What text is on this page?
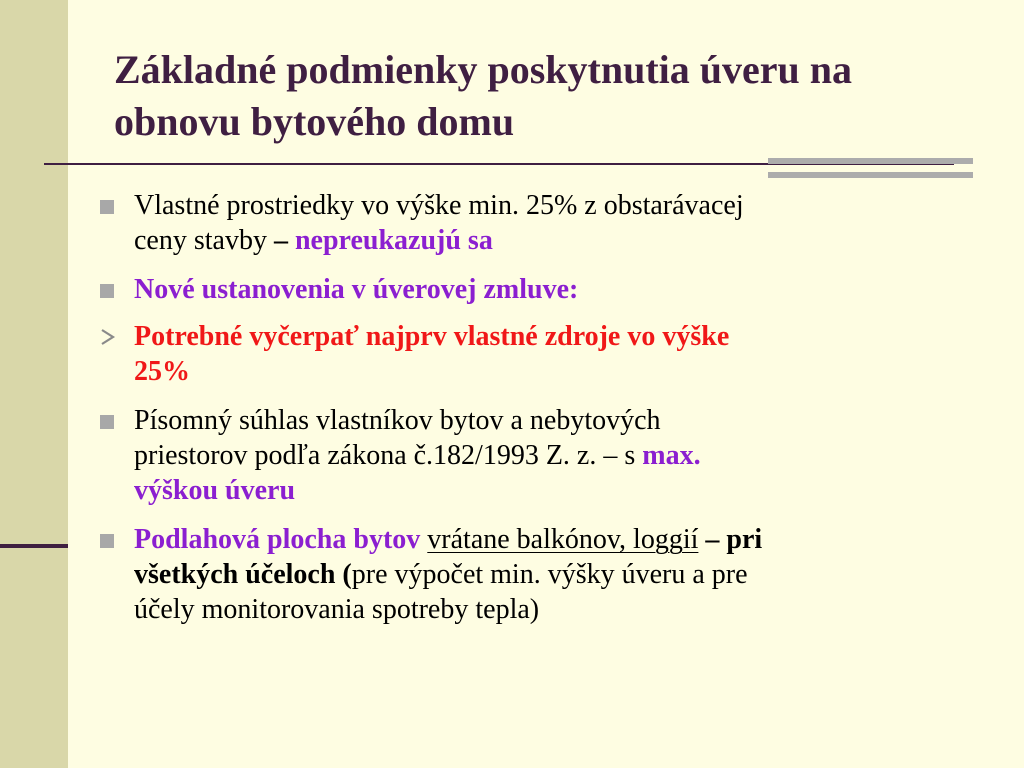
Základné podmienky poskytnutia úveru na
obnovu bytového domu
Vlastné prostriedky vo výške min. 25% z obstarávacej
ceny stavby – nepreukazujú sa
Nové ustanovenia v úverovej zmluve:
Potrebné vyčerpať najprv vlastné zdroje vo výške
25%
Písomný súhlas vlastníkov bytov a nebytových
priestorov podľa zákona č.182/1993 Z. z. – s max.
výškou úveru
Podlahová plocha bytov vrátane balkónov, loggií – pri
všetkých účeloch (pre výpočet min. výšky úveru a pre
účely monitorovania spotreby tepla)
